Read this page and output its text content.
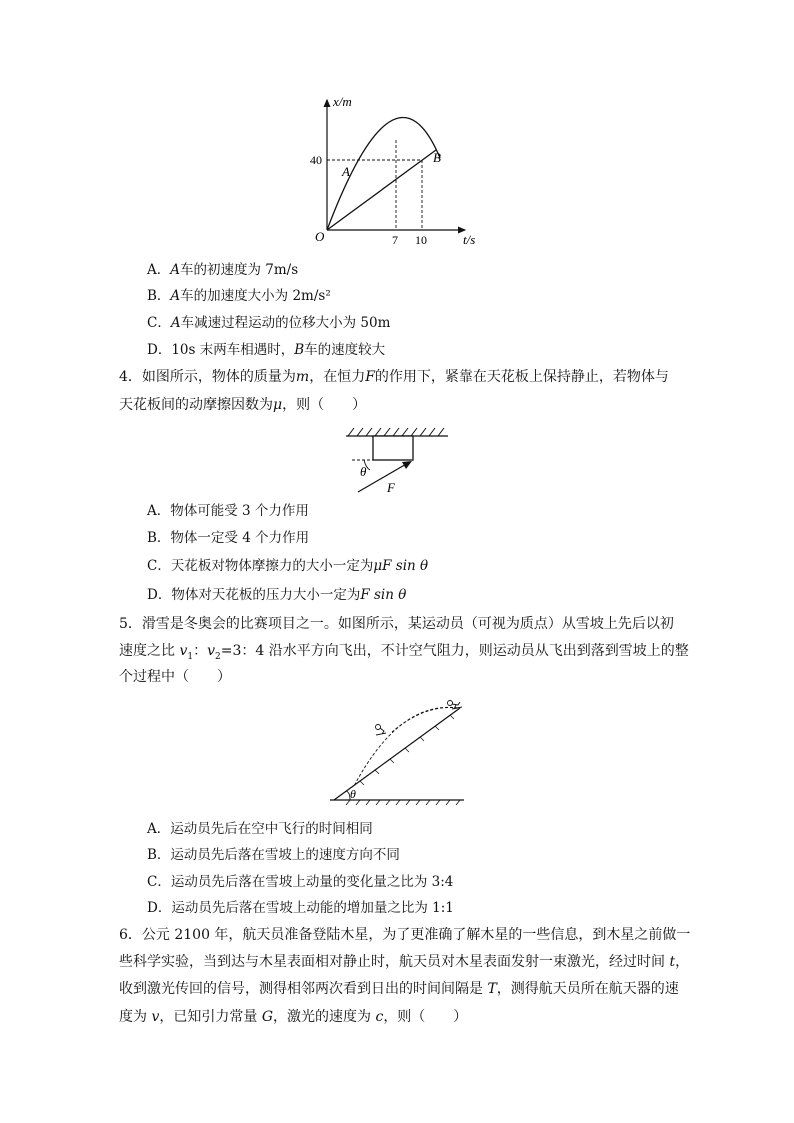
x/m
t/s
O
40
7 10
A
B
A．A车的初速度为 7m/s
B．A车的加速度大小为 2m/s²
C．A车减速过程运动的位移大小为 50m
D．10s 末两车相遇时，B车的速度较大
4．如图所示，物体的质量为m，在恒力F的作用下，紧靠在天花板上保持静止，若物体与
天花板间的动摩擦因数为μ，则（　　）
θ
F
A．物体可能受 3 个力作用
B．物体一定受 4 个力作用
C．天花板对物体摩擦力的大小一定为μF sin θ
D．物体对天花板的压力大小一定为F sin θ
5．滑雪是冬奥会的比赛项目之一。如图所示，某运动员（可视为质点）从雪坡上先后以初
速度之比 $v_1$：$v_2=3$：4 沿水平方向飞出，不计空气阻力，则运动员从飞出到落到雪坡上的整
个过程中（　　）
θ
A．运动员先后在空中飞行的时间相同
B．运动员先后落在雪坡上的速度方向不同
C．运动员先后落在雪坡上动量的变化量之比为 3:4
D．运动员先后落在雪坡上动能的增加量之比为 1:1
6．公元 2100 年，航天员准备登陆木星，为了更准确了解木星的一些信息，到木星之前做一
些科学实验，当到达与木星表面相对静止时，航天员对木星表面发射一束激光，经过时间 t，
收到激光传回的信号，测得相邻两次看到日出的时间间隔是 T，测得航天员所在航天器的速
度为 v，已知引力常量 G，激光的速度为 c，则（　　）
